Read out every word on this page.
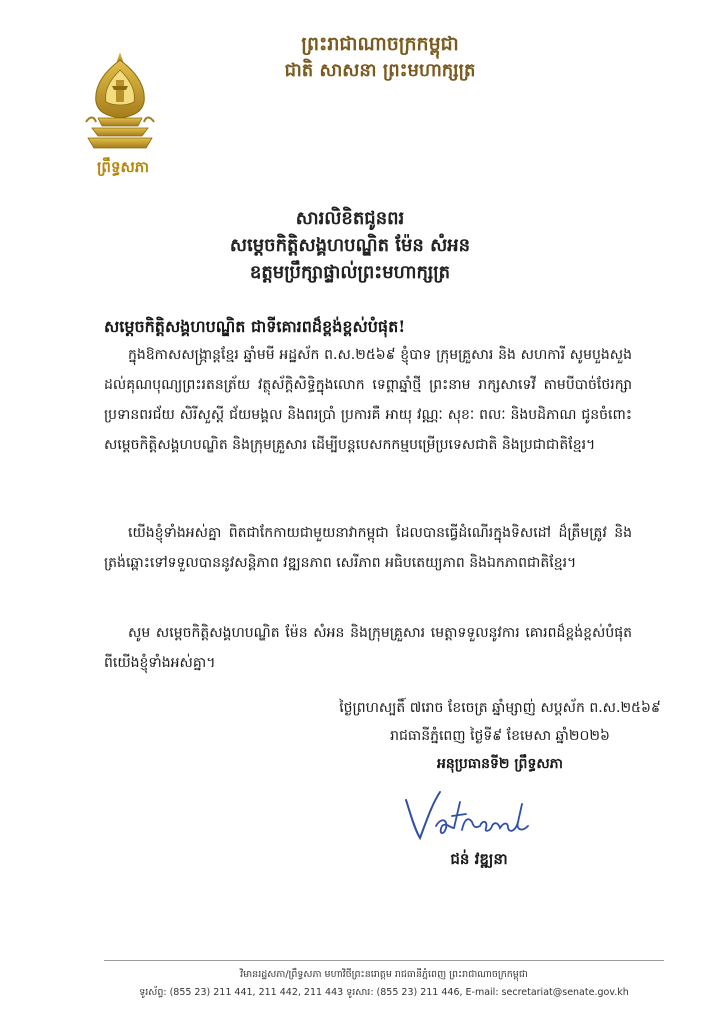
ព្រឹទ្ធសភា
ព្រះរាជាណាចក្រកម្ពុជា
ជាតិ សាសនា ព្រះមហាក្សត្រ
សារលិខិតជូនពរ
សម្តេចកិត្តិសង្គហបណ្ឌិត ម៉ែន សំអន
ឧត្តមប្រឹក្សាផ្ទាល់ព្រះមហាក្សត្រ
សម្ដេចកិត្តិសង្គហបណ្ឌិត ជាទីគោរពដ៏ខ្ពង់ខ្ពស់បំផុត!
ក្នុងឱកាសសង្ក្រាន្តខ្មែរ ឆ្នាំមមី អដ្ឋស័ក ព.ស.២៥៦៩ ខ្ញុំបាទ ក្រុមគ្រួសារ និង សហការី សូមបួងសួងដល់គុណបុណ្យព្រះរតនត្រ័យ វត្ថុស័ក្តិសិទ្ធិក្នុងលោក ទេព្តាឆ្នាំថ្មី ព្រះនាម រាក្សសាទេវី តាមបីបាច់ថែរក្សា ប្រទានពរជ័យ សិរីសួស្តី ជ័យមង្គល និងពរប្រាំ ប្រការគឺ អាយុ វណ្ណៈ សុខៈ ពលៈ និងបដិភាណ ជូនចំពោះ សម្ដេចកិត្តិសង្គហបណ្ឌិត និងក្រុមគ្រួសារ ដើម្បីបន្តបេសកកម្មបម្រើប្រទេសជាតិ និងប្រជាជាតិខ្មែរ។
យើងខ្ញុំទាំងអស់គ្នា ពិតជាកែកាយជាមួយនាវាកម្ពុជា ដែលបានធ្វើដំណើរក្នុងទិសដៅ ដ៏ត្រឹមត្រូវ និងត្រង់ឆ្ពោះទៅទទួលបាននូវសន្តិភាព វឌ្ឍនភាព សេរីភាព អធិបតេយ្យភាព និងឯកភាពជាតិខ្មែរ។
សូម សម្ដេចកិត្តិសង្គហបណ្ឌិត ម៉ែន សំអន និងក្រុមគ្រួសារ មេត្តាទទួលនូវការ គោរពដ៏ខ្ពង់ខ្ពស់បំផុត ពីយើងខ្ញុំទាំងអស់គ្នា។
ថ្ងៃព្រហស្បតិ៍ ៧រោច ខែចេត្រ ឆ្នាំម្សាញ់ សប្តស័ក ព.ស.២៥៦៩
រាជធានីភ្នំពេញ ថ្ងៃទី៩ ខែមេសា ឆ្នាំ២០២៦
អនុប្រធានទី២ ព្រឹទ្ធសភា
ជន់ វឌ្ឍនា
វិមានរដ្ឋសភា/ព្រឹទ្ធសភា មហាវិថីព្រះនរោត្តម រាជធានីភ្នំពេញ ព្រះរាជាណាចក្រកម្ពុជា
ទូរស័ព្ទ: (855 23) 211 441, 211 442, 211 443 ទូរសារ: (855 23) 211 446, E-mail: secretariat@senate.gov.kh
